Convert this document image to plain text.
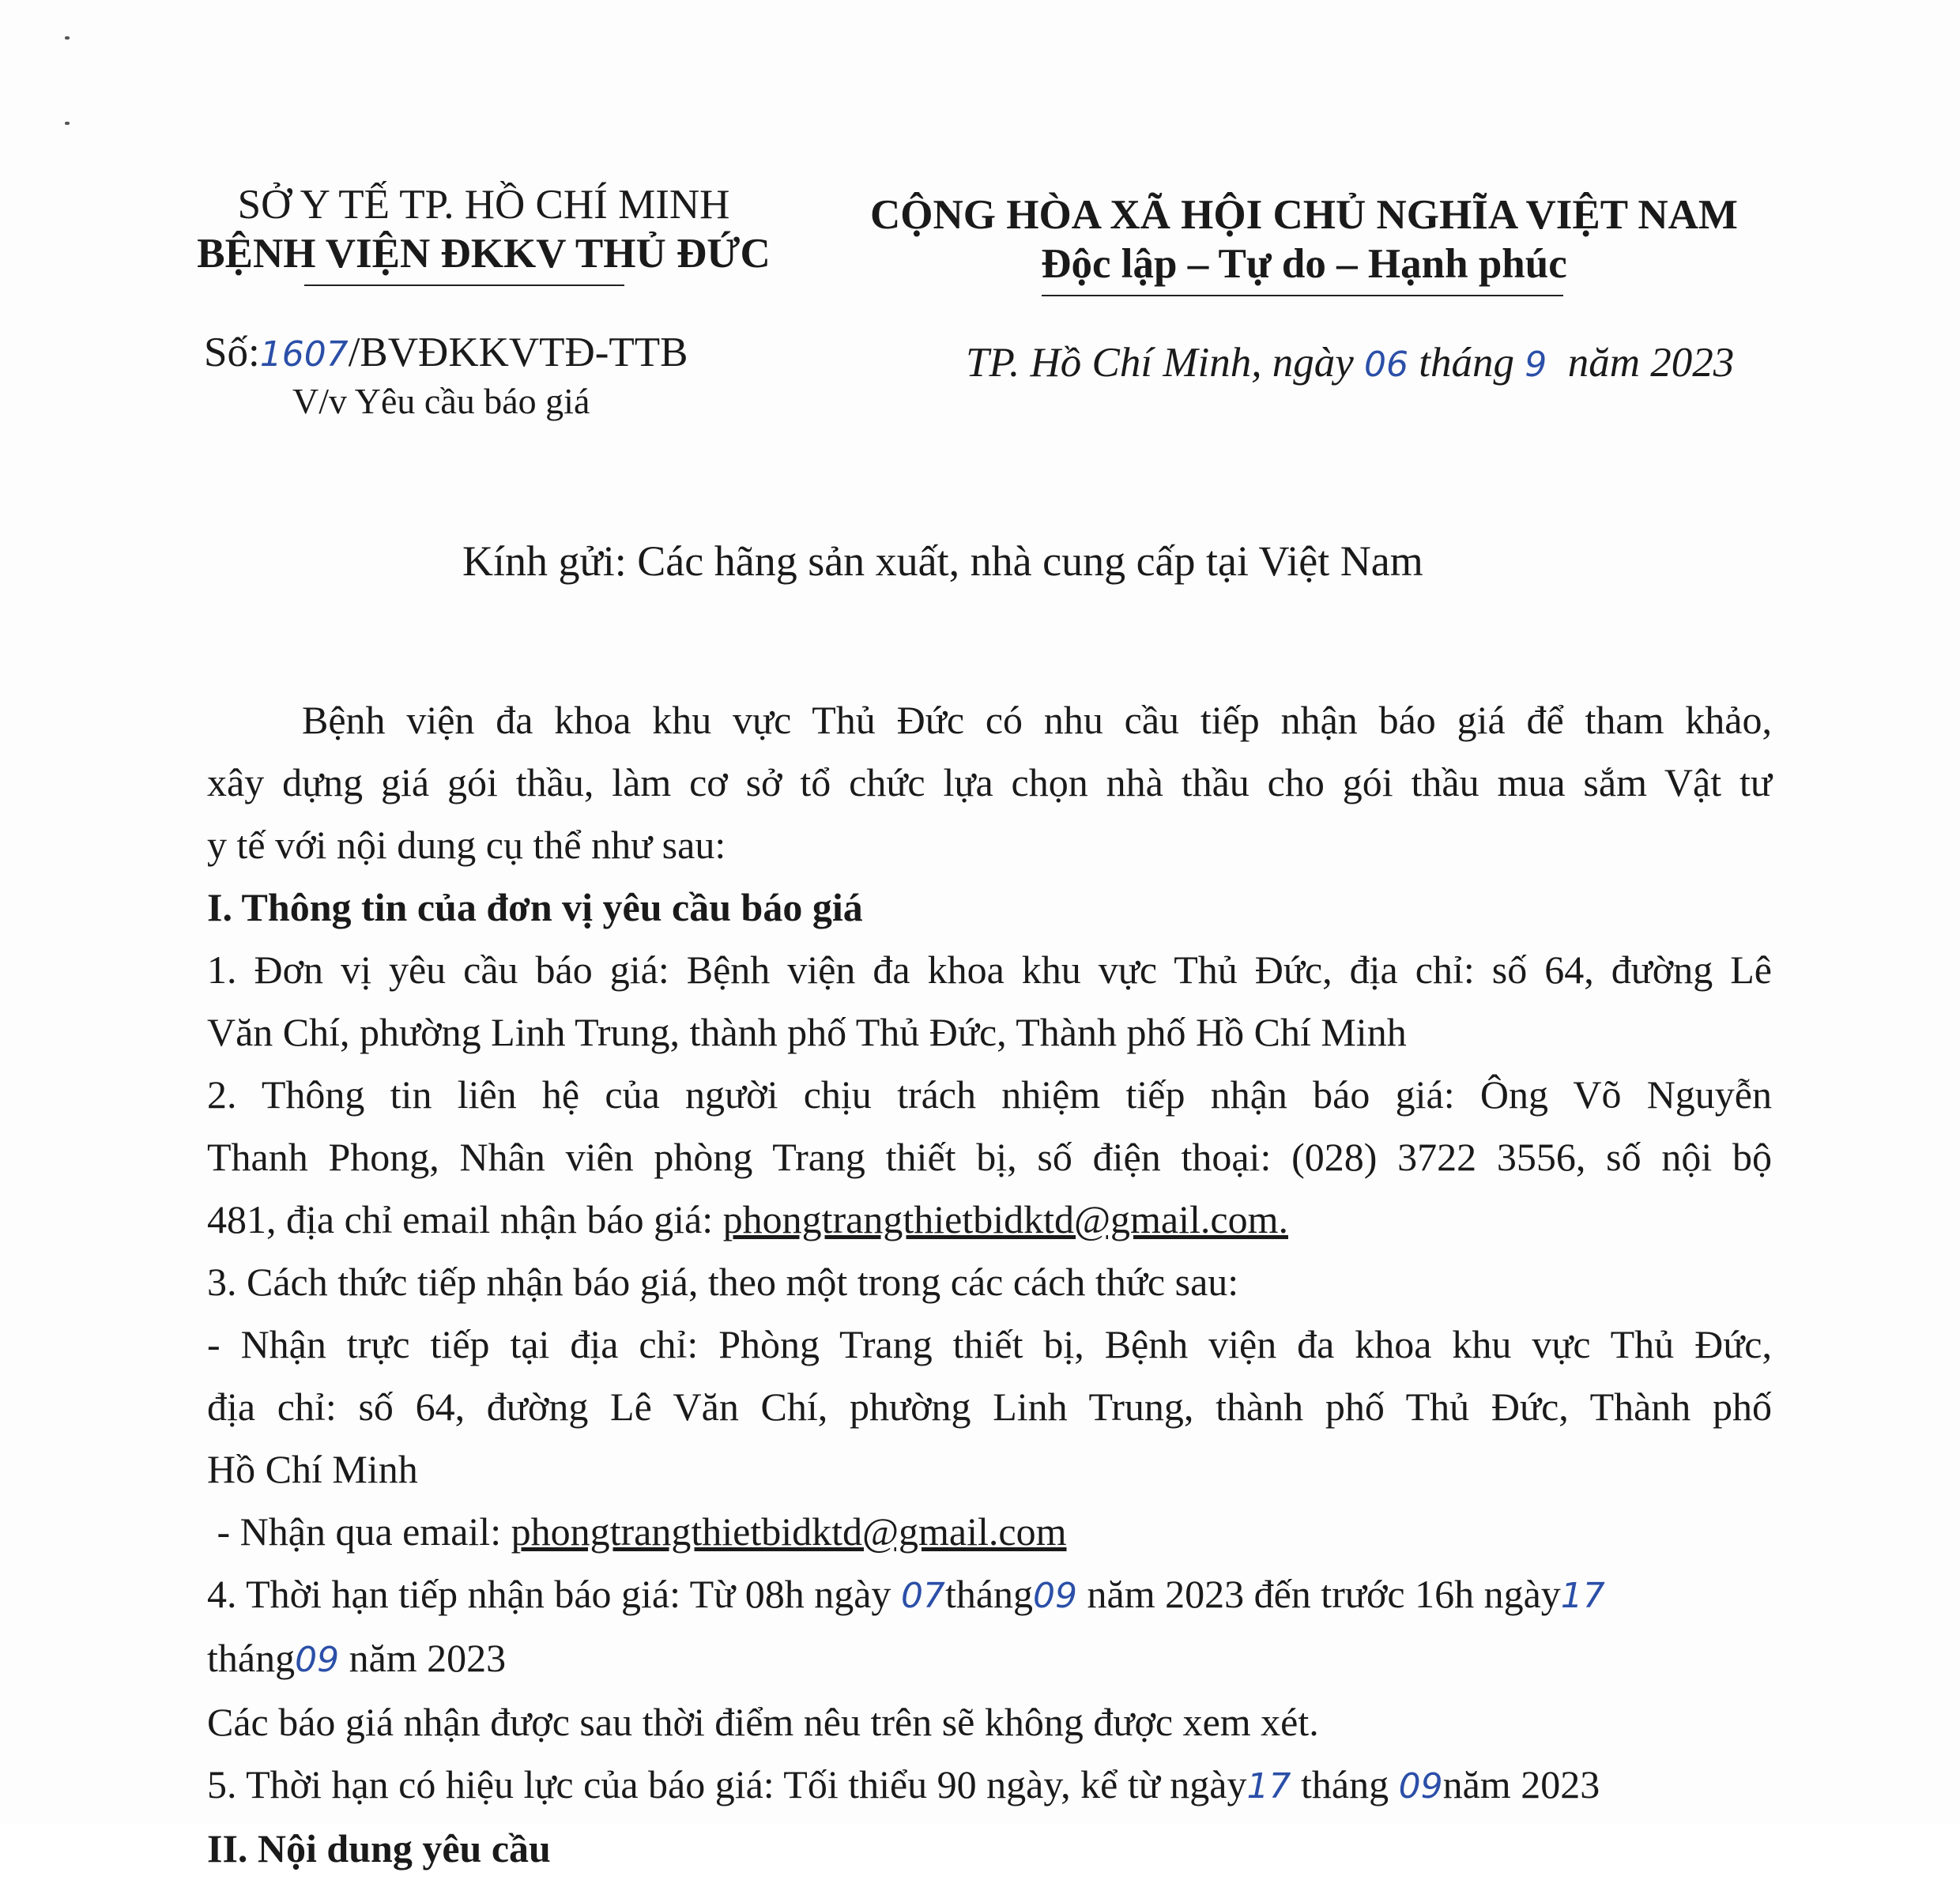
SỞ Y TẾ TP. HỒ CHÍ MINH
BỆNH VIỆN ĐKKV THỦ ĐỨC
CỘNG HÒA XÃ HỘI CHỦ NGHĨA VIỆT NAM
Độc lập – Tự do – Hạnh phúc
Số:1607/BVĐKKVTĐ-TTB
V/v Yêu cầu báo giá
TP. Hồ Chí Minh, ngày 06 tháng 9 năm 2023
Kính gửi: Các hãng sản xuất, nhà cung cấp tại Việt Nam
Bệnh viện đa khoa khu vực Thủ Đức có nhu cầu tiếp nhận báo giá để tham khảo,
xây dựng giá gói thầu, làm cơ sở tổ chức lựa chọn nhà thầu cho gói thầu mua sắm Vật tư
y tế với nội dung cụ thể như sau:
I. Thông tin của đơn vị yêu cầu báo giá
1. Đơn vị yêu cầu báo giá: Bệnh viện đa khoa khu vực Thủ Đức, địa chỉ: số 64, đường Lê
Văn Chí, phường Linh Trung, thành phố Thủ Đức, Thành phố Hồ Chí Minh
2. Thông tin liên hệ của người chịu trách nhiệm tiếp nhận báo giá: Ông Võ Nguyễn
Thanh Phong, Nhân viên phòng Trang thiết bị, số điện thoại: (028) 3722 3556, số nội bộ
481, địa chỉ email nhận báo giá: phongtrangthietbidktd@gmail.com.
3. Cách thức tiếp nhận báo giá, theo một trong các cách thức sau:
- Nhận trực tiếp tại địa chỉ: Phòng Trang thiết bị, Bệnh viện đa khoa khu vực Thủ Đức,
địa chỉ: số 64, đường Lê Văn Chí, phường Linh Trung, thành phố Thủ Đức, Thành phố
Hồ Chí Minh
- Nhận qua email: phongtrangthietbidktd@gmail.com
4. Thời hạn tiếp nhận báo giá: Từ 08h ngày 07tháng09 năm 2023 đến trước 16h ngày17
tháng09 năm 2023
Các báo giá nhận được sau thời điểm nêu trên sẽ không được xem xét.
5. Thời hạn có hiệu lực của báo giá: Tối thiểu 90 ngày, kể từ ngày17 tháng 09năm 2023
II. Nội dung yêu cầu
